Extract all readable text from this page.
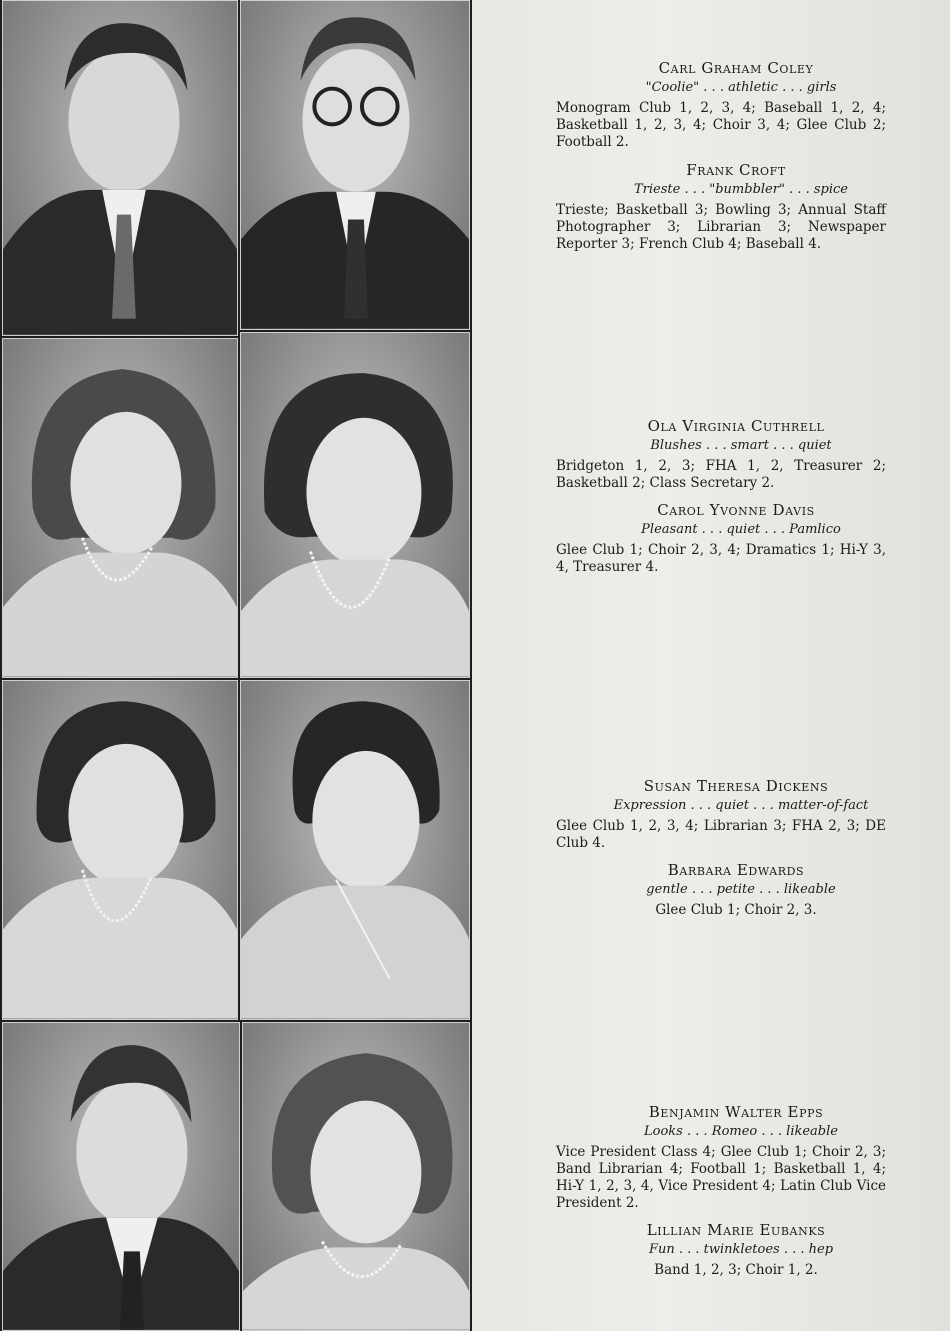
Carl Graham Coley

"Coolie" . . . athletic . . . girls

Monogram Club 1, 2, 3, 4; Baseball 1, 2, 4; Basketball 1, 2, 3, 4; Choir 3, 4; Glee Club 2; Football 2.

Frank Croft

Trieste . . . "bumbbler" . . . spice

Trieste; Basketball 3; Bowling 3; Annual Staff Photographer 3; Librarian 3; Newspaper Reporter 3; French Club 4; Baseball 4.

Ola Virginia Cuthrell

Blushes . . . smart . . . quiet

Bridgeton 1, 2, 3; FHA 1, 2, Treasurer 2; Basketball 2; Class Secretary 2.

Carol Yvonne Davis

Pleasant . . . quiet . . . Pamlico

Glee Club 1; Choir 2, 3, 4; Dramatics 1; Hi-Y 3, 4, Treasurer 4.

Susan Theresa Dickens

Expression . . . quiet . . . matter-of-fact

Glee Club 1, 2, 3, 4; Librarian 3; FHA 2, 3; DE Club 4.

Barbara Edwards

gentle . . . petite . . . likeable

Glee Club 1; Choir 2, 3.

Benjamin Walter Epps

Looks . . . Romeo . . . likeable

Vice President Class 4; Glee Club 1; Choir 2, 3; Band Librarian 4; Football 1; Basketball 1, 4; Hi-Y 1, 2, 3, 4, Vice President 4; Latin Club Vice President 2.

Lillian Marie Eubanks

Fun . . . twinkletoes . . . hep

Band 1, 2, 3; Choir 1, 2.
